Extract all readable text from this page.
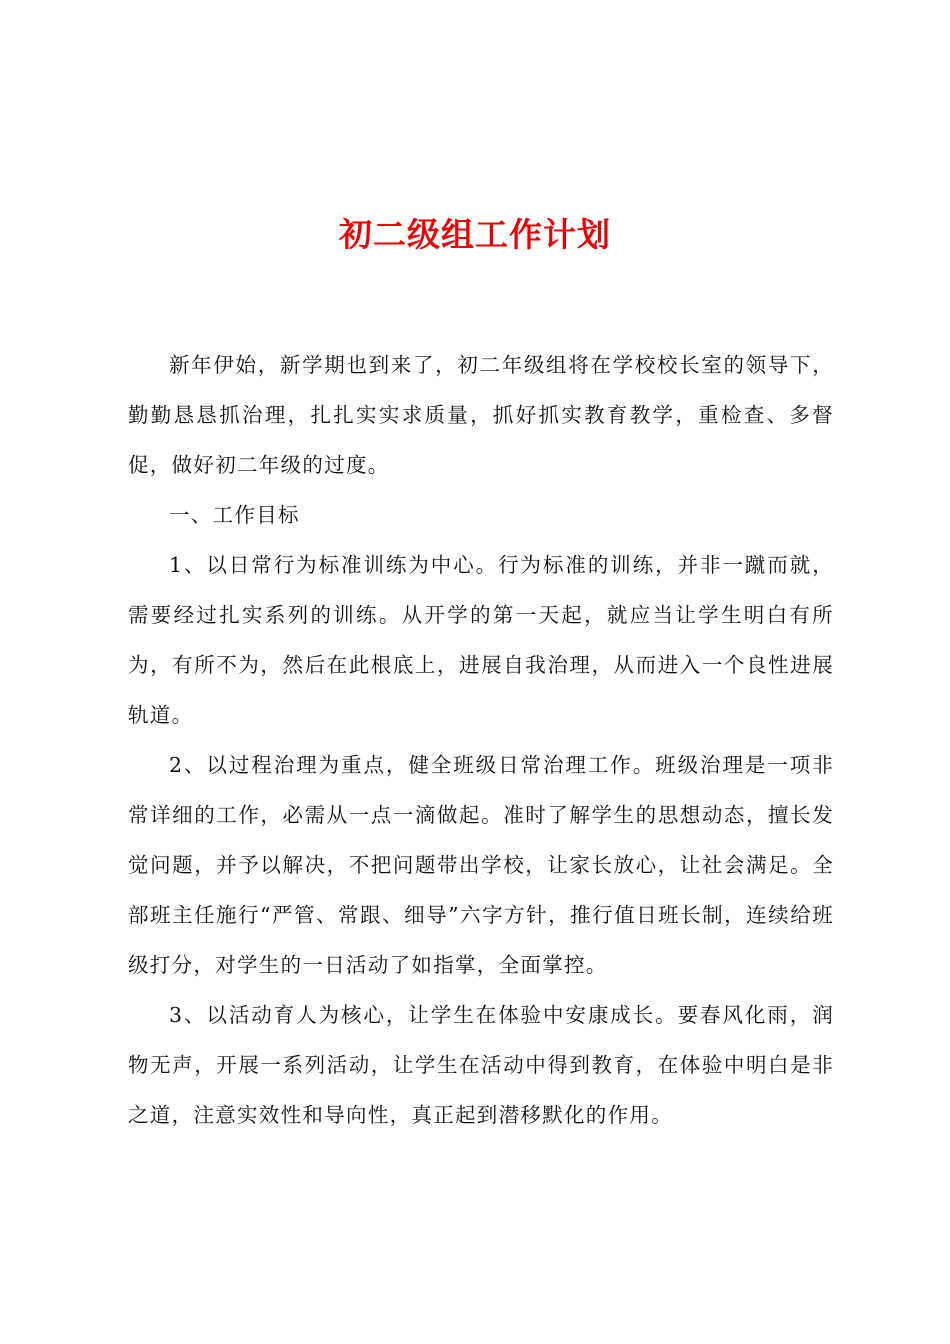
初二级组工作计划

新年伊始，新学期也到来了，初二年级组将在学校校长室的领导下，勤勤恳恳抓治理，扎扎实实求质量，抓好抓实教育教学，重检查、多督促，做好初二年级的过度。

一、工作目标

1、以日常行为标准训练为中心。行为标准的训练，并非一蹴而就，需要经过扎实系列的训练。从开学的第一天起，就应当让学生明白有所为，有所不为，然后在此根底上，进展自我治理，从而进入一个良性进展轨道。

2、以过程治理为重点，健全班级日常治理工作。班级治理是一项非常详细的工作，必需从一点一滴做起。准时了解学生的思想动态，擅长发觉问题，并予以解决，不把问题带出学校，让家长放心，让社会满足。全部班主任施行“严管、常跟、细导”六字方针，推行值日班长制，连续给班级打分，对学生的一日活动了如指掌，全面掌控。

3、以活动育人为核心，让学生在体验中安康成长。要春风化雨，润物无声，开展一系列活动，让学生在活动中得到教育，在体验中明白是非之道，注意实效性和导向性，真正起到潜移默化的作用。
